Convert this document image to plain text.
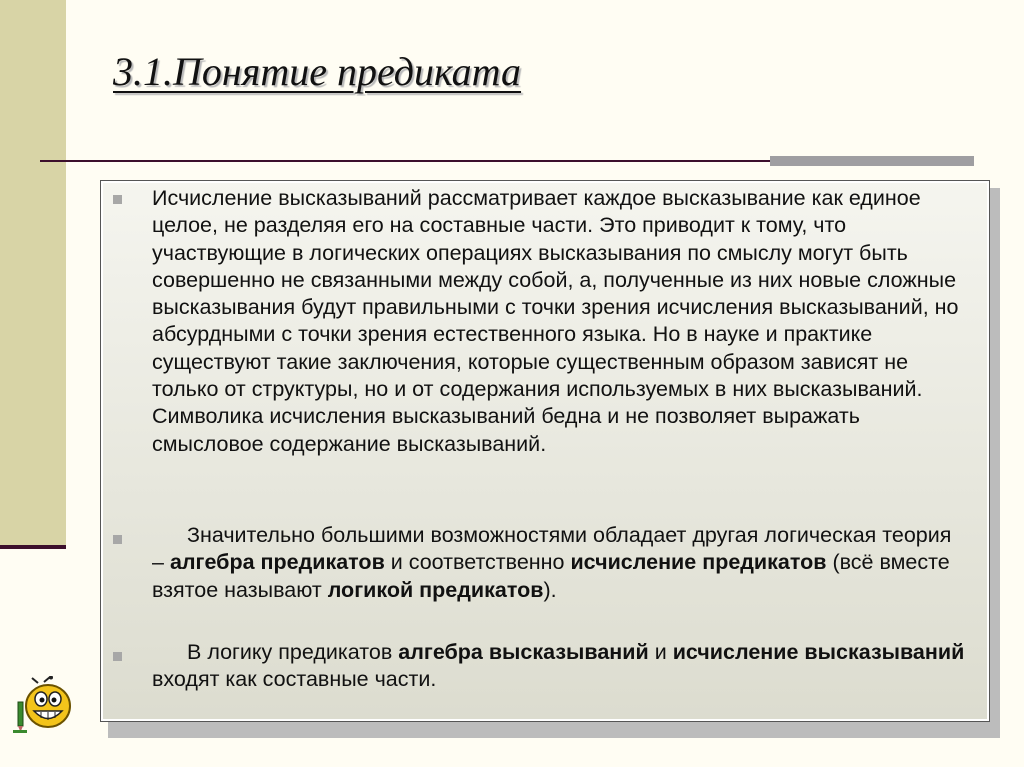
3.1.Понятие предиката

Исчисление высказываний рассматривает каждое высказывание как единое целое, не разделяя его на составные части. Это приводит к тому, что участвующие в логических операциях высказывания по смыслу могут быть совершенно не связанными между собой, а, полученные из них новые сложные высказывания будут правильными с точки зрения исчисления высказываний, но абсурдными с точки зрения естественного языка. Но в науке и практике существуют такие заключения, которые существенным образом зависят не только от структуры, но и от содержания используемых в них высказываний. Символика исчисления высказываний бедна и не позволяет выражать смысловое содержание высказываний.

Значительно большими возможностями обладает другая логическая теория – алгебра предикатов и соответственно исчисление предикатов (всё вместе взятое называют логикой предикатов).

В логику предикатов алгебра высказываний и исчисление высказываний входят как составные части.
